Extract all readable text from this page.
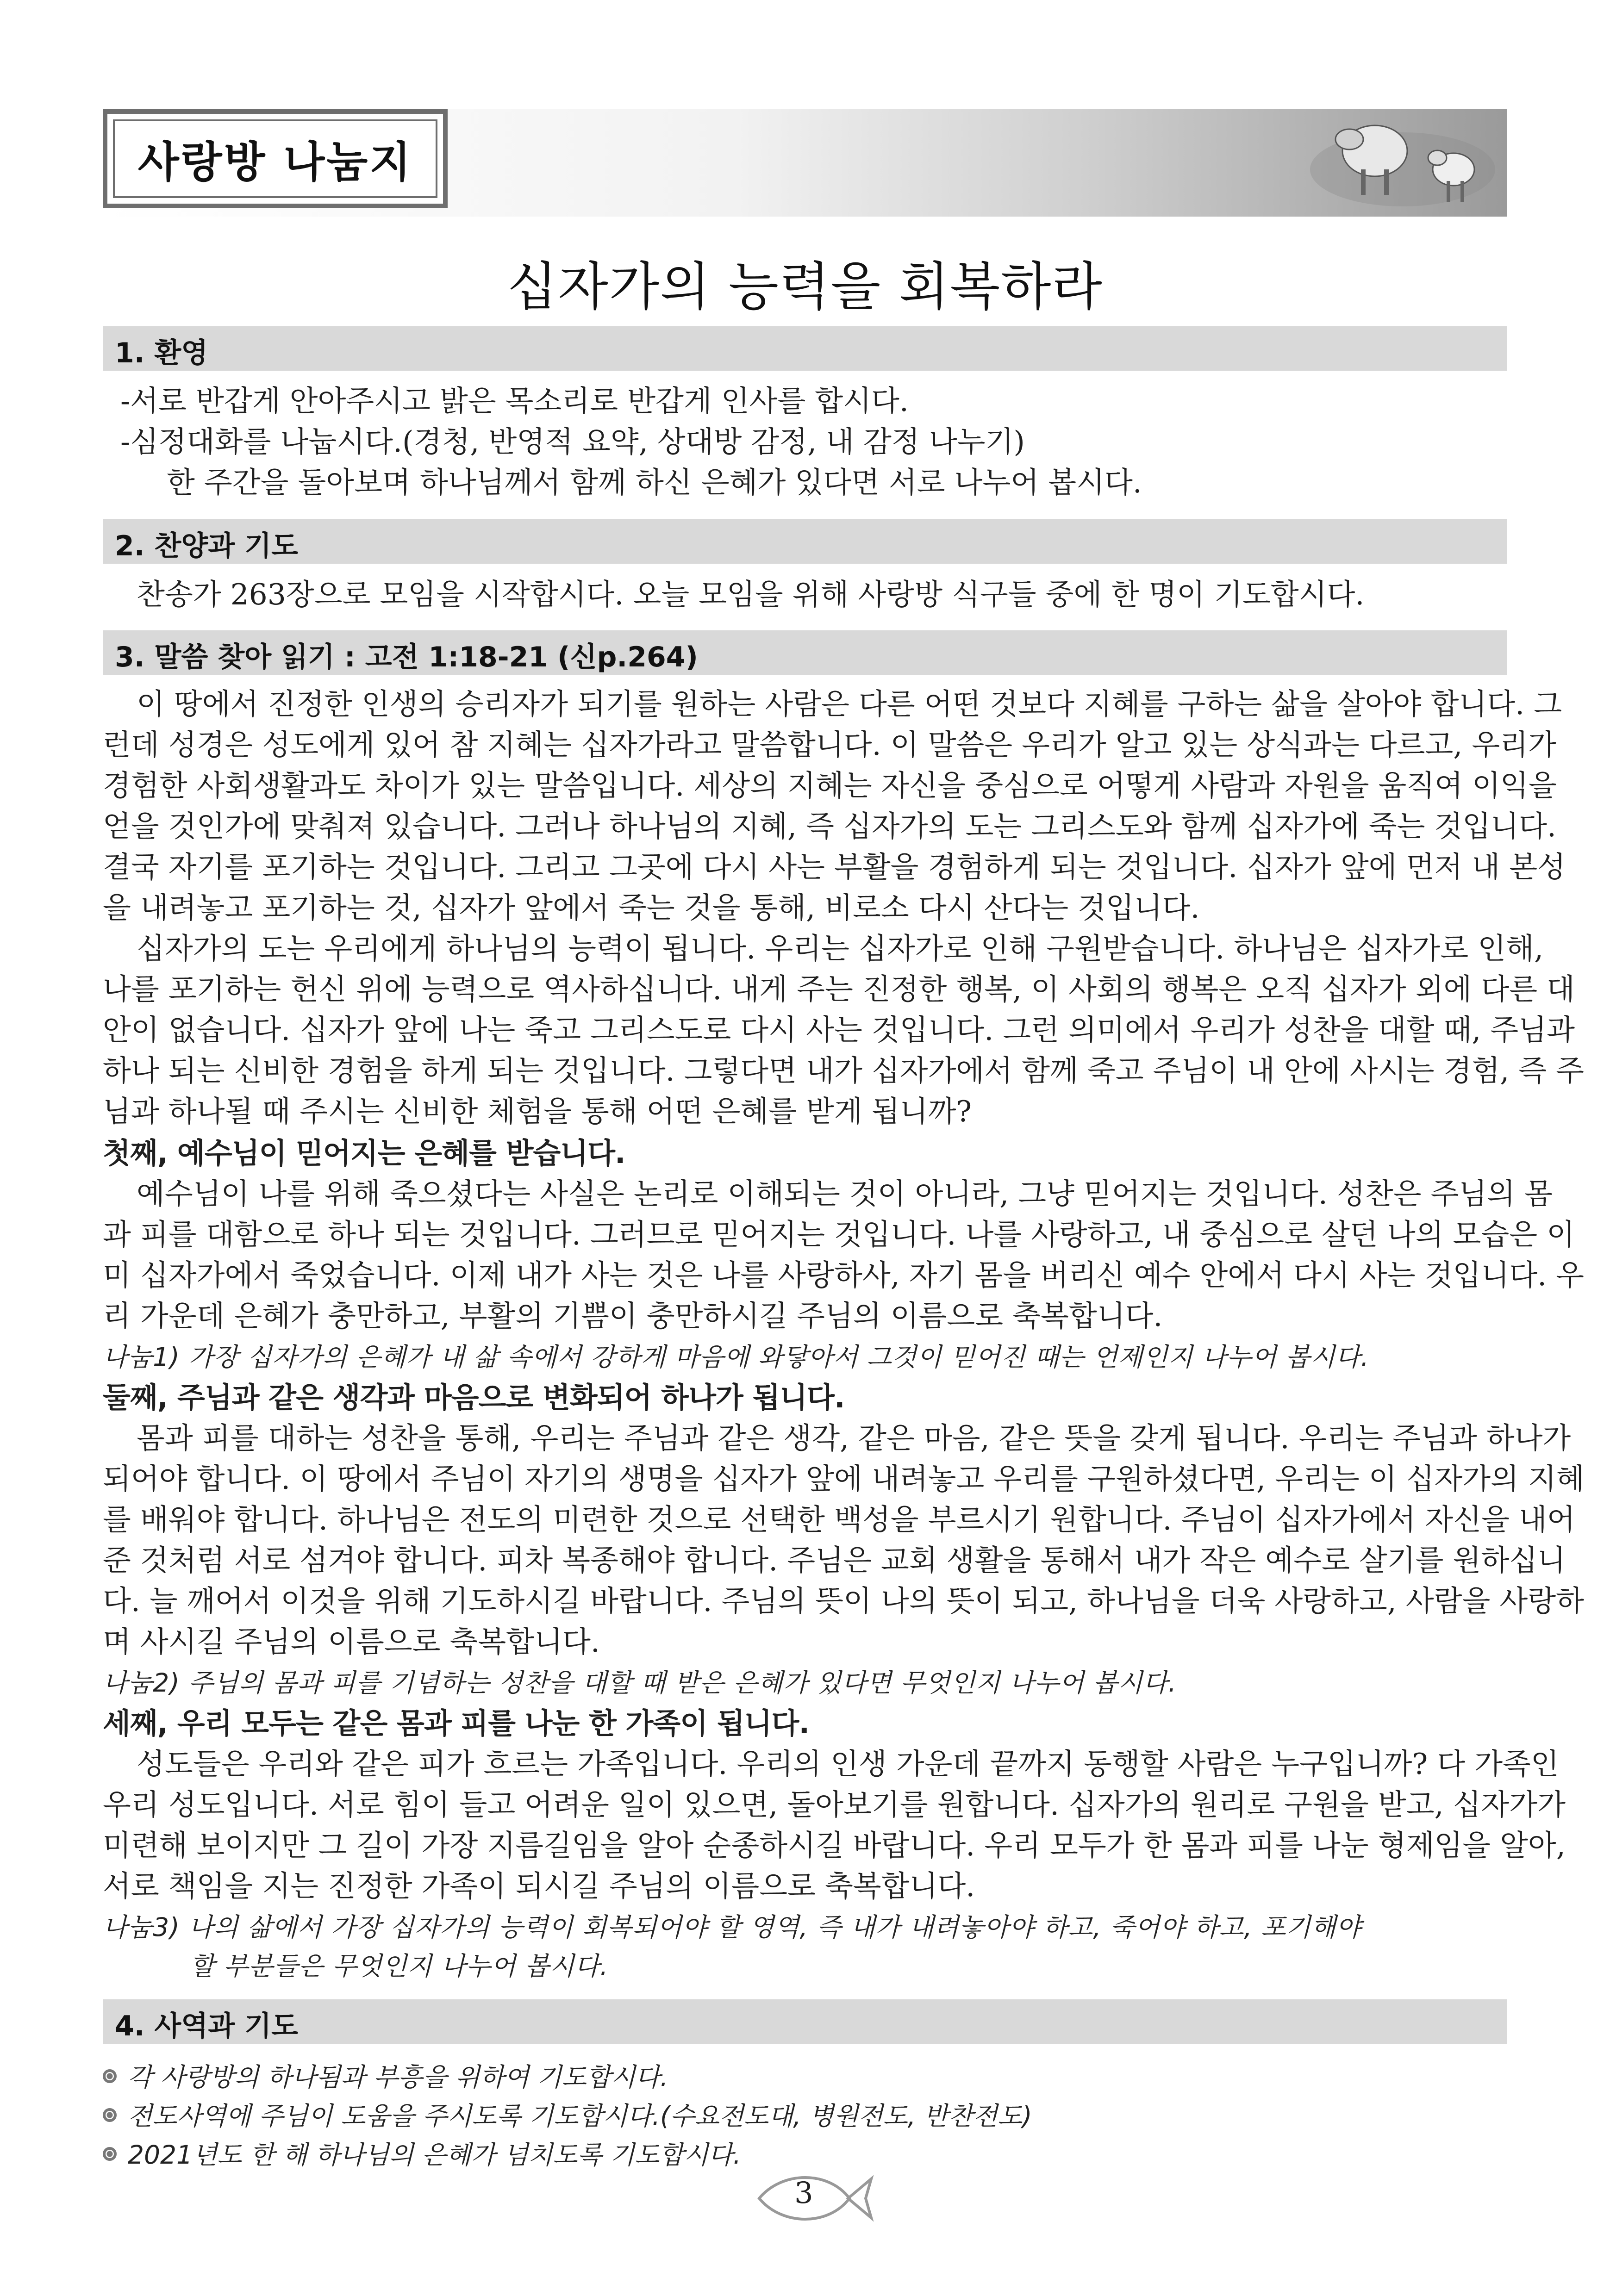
사랑방 나눔지
십자가의 능력을 회복하라
1. 환영
-서로 반갑게 안아주시고 밝은 목소리로 반갑게 인사를 합시다.
-심정대화를 나눕시다.(경청, 반영적 요약, 상대방 감정, 내 감정 나누기)
한 주간을 돌아보며 하나님께서 함께 하신 은혜가 있다면 서로 나누어 봅시다.
2. 찬양과 기도
찬송가 263장으로 모임을 시작합시다. 오늘 모임을 위해 사랑방 식구들 중에 한 명이 기도합시다.
3. 말씀 찾아 읽기 : 고전 1:18-21 (신p.264)
이 땅에서 진정한 인생의 승리자가 되기를 원하는 사람은 다른 어떤 것보다 지혜를 구하는 삶을 살아야 합니다. 그
런데 성경은 성도에게 있어 참 지혜는 십자가라고 말씀합니다. 이 말씀은 우리가 알고 있는 상식과는 다르고, 우리가
경험한 사회생활과도 차이가 있는 말씀입니다. 세상의 지혜는 자신을 중심으로 어떻게 사람과 자원을 움직여 이익을
얻을 것인가에 맞춰져 있습니다. 그러나 하나님의 지혜, 즉 십자가의 도는 그리스도와 함께 십자가에 죽는 것입니다.
결국 자기를 포기하는 것입니다. 그리고 그곳에 다시 사는 부활을 경험하게 되는 것입니다. 십자가 앞에 먼저 내 본성
을 내려놓고 포기하는 것, 십자가 앞에서 죽는 것을 통해, 비로소 다시 산다는 것입니다.
십자가의 도는 우리에게 하나님의 능력이 됩니다. 우리는 십자가로 인해 구원받습니다. 하나님은 십자가로 인해,
나를 포기하는 헌신 위에 능력으로 역사하십니다. 내게 주는 진정한 행복, 이 사회의 행복은 오직 십자가 외에 다른 대
안이 없습니다. 십자가 앞에 나는 죽고 그리스도로 다시 사는 것입니다. 그런 의미에서 우리가 성찬을 대할 때, 주님과
하나 되는 신비한 경험을 하게 되는 것입니다. 그렇다면 내가 십자가에서 함께 죽고 주님이 내 안에 사시는 경험, 즉 주
님과 하나될 때 주시는 신비한 체험을 통해 어떤 은혜를 받게 됩니까?
첫째, 예수님이 믿어지는 은혜를 받습니다.
예수님이 나를 위해 죽으셨다는 사실은 논리로 이해되는 것이 아니라, 그냥 믿어지는 것입니다. 성찬은 주님의 몸
과 피를 대함으로 하나 되는 것입니다. 그러므로 믿어지는 것입니다. 나를 사랑하고, 내 중심으로 살던 나의 모습은 이
미 십자가에서 죽었습니다. 이제 내가 사는 것은 나를 사랑하사, 자기 몸을 버리신 예수 안에서 다시 사는 것입니다. 우
리 가운데 은혜가 충만하고, 부활의 기쁨이 충만하시길 주님의 이름으로 축복합니다.
나눔1) 가장 십자가의 은혜가 내 삶 속에서 강하게 마음에 와닿아서 그것이 믿어진 때는 언제인지 나누어 봅시다.
둘째, 주님과 같은 생각과 마음으로 변화되어 하나가 됩니다.
몸과 피를 대하는 성찬을 통해, 우리는 주님과 같은 생각, 같은 마음, 같은 뜻을 갖게 됩니다. 우리는 주님과 하나가
되어야 합니다. 이 땅에서 주님이 자기의 생명을 십자가 앞에 내려놓고 우리를 구원하셨다면, 우리는 이 십자가의 지혜
를 배워야 합니다. 하나님은 전도의 미련한 것으로 선택한 백성을 부르시기 원합니다. 주님이 십자가에서 자신을 내어
준 것처럼 서로 섬겨야 합니다. 피차 복종해야 합니다. 주님은 교회 생활을 통해서 내가 작은 예수로 살기를 원하십니
다. 늘 깨어서 이것을 위해 기도하시길 바랍니다. 주님의 뜻이 나의 뜻이 되고, 하나님을 더욱 사랑하고, 사람을 사랑하
며 사시길 주님의 이름으로 축복합니다.
나눔2) 주님의 몸과 피를 기념하는 성찬을 대할 때 받은 은혜가 있다면 무엇인지 나누어 봅시다.
세째, 우리 모두는 같은 몸과 피를 나눈 한 가족이 됩니다.
성도들은 우리와 같은 피가 흐르는 가족입니다. 우리의 인생 가운데 끝까지 동행할 사람은 누구입니까? 다 가족인
우리 성도입니다. 서로 힘이 들고 어려운 일이 있으면, 돌아보기를 원합니다. 십자가의 원리로 구원을 받고, 십자가가
미련해 보이지만 그 길이 가장 지름길임을 알아 순종하시길 바랍니다. 우리 모두가 한 몸과 피를 나눈 형제임을 알아,
서로 책임을 지는 진정한 가족이 되시길 주님의 이름으로 축복합니다.
나눔3) 나의 삶에서 가장 십자가의 능력이 회복되어야 할 영역, 즉 내가 내려놓아야 하고, 죽어야 하고, 포기해야
할 부분들은 무엇인지 나누어 봅시다.
4. 사역과 기도
각 사랑방의 하나됨과 부흥을 위하여 기도합시다.
전도사역에 주님이 도움을 주시도록 기도합시다.(수요전도대, 병원전도, 반찬전도)
2021년도 한 해 하나님의 은혜가 넘치도록 기도합시다.
3
